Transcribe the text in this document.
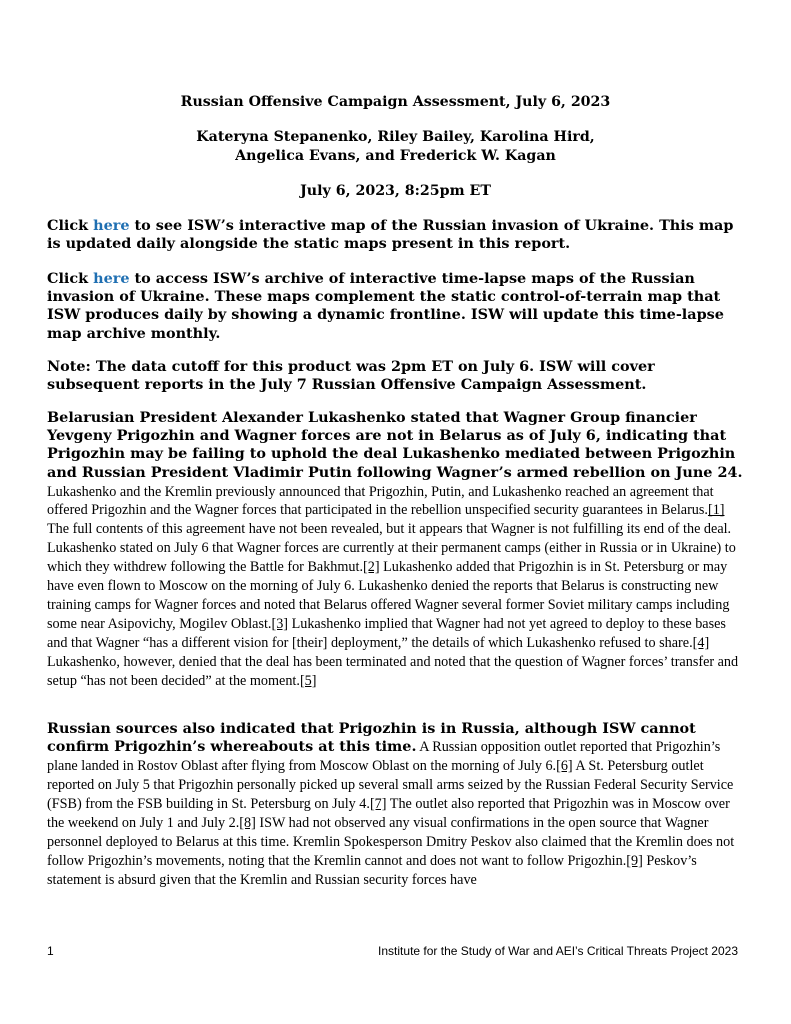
Russian Offensive Campaign Assessment, July 6, 2023

Kateryna Stepanenko, Riley Bailey, Karolina Hird,

Angelica Evans, and Frederick W. Kagan

July 6, 2023, 8:25pm ET

Click here to see ISW’s interactive map of the Russian invasion of Ukraine. This map is updated daily alongside the static maps present in this report.

Click here to access ISW’s archive of interactive time-lapse maps of the Russian invasion of Ukraine. These maps complement the static control-of-terrain map that ISW produces daily by showing a dynamic frontline. ISW will update this time-lapse map archive monthly.

Note: The data cutoff for this product was 2pm ET on July 6. ISW will cover subsequent reports in the July 7 Russian Offensive Campaign Assessment.

Belarusian President Alexander Lukashenko stated that Wagner Group financier Yevgeny Prigozhin and Wagner forces are not in Belarus as of July 6, indicating that Prigozhin may be failing to uphold the deal Lukashenko mediated between Prigozhin and Russian President Vladimir Putin following Wagner’s armed rebellion on June 24. Lukashenko and the Kremlin previously announced that Prigozhin, Putin, and Lukashenko reached an agreement that offered Prigozhin and the Wagner forces that participated in the rebellion unspecified security guarantees in Belarus.[1] The full contents of this agreement have not been revealed, but it appears that Wagner is not fulfilling its end of the deal. Lukashenko stated on July 6 that Wagner forces are currently at their permanent camps (either in Russia or in Ukraine) to which they withdrew following the Battle for Bakhmut.[2] Lukashenko added that Prigozhin is in St. Petersburg or may have even flown to Moscow on the morning of July 6. Lukashenko denied the reports that Belarus is constructing new training camps for Wagner forces and noted that Belarus offered Wagner several former Soviet military camps including some near Asipovichy, Mogilev Oblast.[3] Lukashenko implied that Wagner had not yet agreed to deploy to these bases and that Wagner “has a different vision for [their] deployment,” the details of which Lukashenko refused to share.[4] Lukashenko, however, denied that the deal has been terminated and noted that the question of Wagner forces’ transfer and setup “has not been decided” at the moment.[5]

Russian sources also indicated that Prigozhin is in Russia, although ISW cannot confirm Prigozhin’s whereabouts at this time. A Russian opposition outlet reported that Prigozhin’s plane landed in Rostov Oblast after flying from Moscow Oblast on the morning of July 6.[6] A St. Petersburg outlet reported on July 5 that Prigozhin personally picked up several small arms seized by the Russian Federal Security Service (FSB) from the FSB building in St. Petersburg on July 4.[7] The outlet also reported that Prigozhin was in Moscow over the weekend on July 1 and July 2.[8] ISW had not observed any visual confirmations in the open source that Wagner personnel deployed to Belarus at this time. Kremlin Spokesperson Dmitry Peskov also claimed that the Kremlin does not follow Prigozhin’s movements, noting that the Kremlin cannot and does not want to follow Prigozhin.[9] Peskov’s statement is absurd given that the Kremlin and Russian security forces have

1	Institute for the Study of War and AEI’s Critical Threats Project 2023
